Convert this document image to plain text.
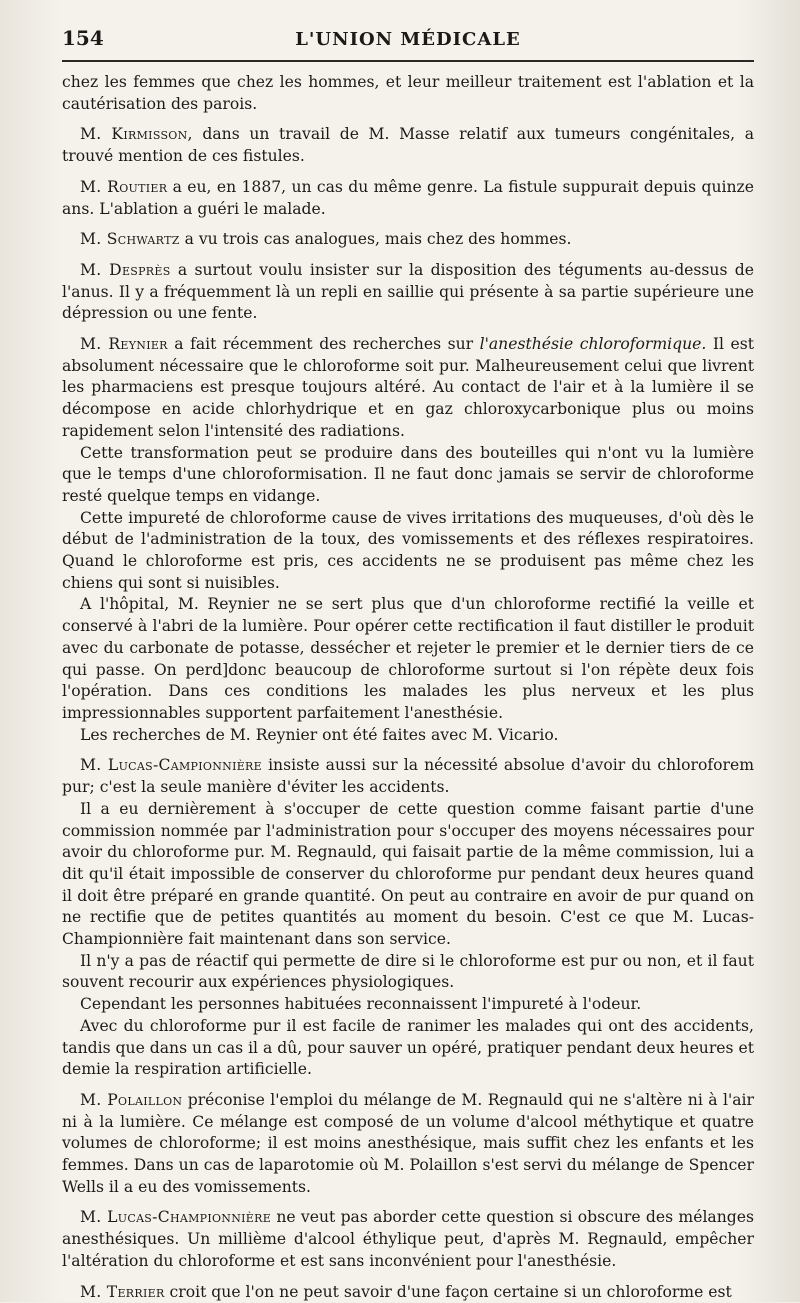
154	L'UNION MÉDICALE

chez les femmes que chez les hommes, et leur meilleur traitement est l'ablation et la cautérisation des parois.

M. Kirmisson, dans un travail de M. Masse relatif aux tumeurs congénitales, a trouvé mention de ces fistules.

M. Routier a eu, en 1887, un cas du même genre. La fistule suppurait depuis quinze ans. L'ablation a guéri le malade.

M. Schwartz a vu trois cas analogues, mais chez des hommes.

M. Desprès a surtout voulu insister sur la disposition des téguments au-dessus de l'anus. Il y a fréquemment là un repli en saillie qui présente à sa partie supérieure une dépression ou une fente.

M. Reynier a fait récemment des recherches sur l'anesthésie chloroformique. Il est absolument nécessaire que le chloroforme soit pur. Malheureusement celui que livrent les pharmaciens est presque toujours altéré. Au contact de l'air et à la lumière il se décompose en acide chlorhydrique et en gaz chloroxycarbonique plus ou moins rapidement selon l'intensité des radiations.

Cette transformation peut se produire dans des bouteilles qui n'ont vu la lumière que le temps d'une chloroformisation. Il ne faut donc jamais se servir de chloroforme resté quelque temps en vidange.

Cette impureté de chloroforme cause de vives irritations des muqueuses, d'où dès le début de l'administration de la toux, des vomissements et des réflexes respiratoires. Quand le chloroforme est pris, ces accidents ne se produisent pas même chez les chiens qui sont si nuisibles.

A l'hôpital, M. Reynier ne se sert plus que d'un chloroforme rectifié la veille et conservé à l'abri de la lumière. Pour opérer cette rectification il faut distiller le produit avec du carbonate de potasse, dessécher et rejeter le premier et le dernier tiers de ce qui passe. On perd]donc beaucoup de chloroforme surtout si l'on répète deux fois l'opération. Dans ces conditions les malades les plus nerveux et les plus impressionnables supportent parfaitement l'anesthésie.

Les recherches de M. Reynier ont été faites avec M. Vicario.

M. Lucas-Campionnière insiste aussi sur la nécessité absolue d'avoir du chloroforem pur; c'est la seule manière d'éviter les accidents.

Il a eu dernièrement à s'occuper de cette question comme faisant partie d'une commission nommée par l'administration pour s'occuper des moyens nécessaires pour avoir du chloroforme pur. M. Regnauld, qui faisait partie de la même commission, lui a dit qu'il était impossible de conserver du chloroforme pur pendant deux heures quand il doit être préparé en grande quantité. On peut au contraire en avoir de pur quand on ne rectifie que de petites quantités au moment du besoin. C'est ce que M. Lucas-Championnière fait maintenant dans son service.

Il n'y a pas de réactif qui permette de dire si le chloroforme est pur ou non, et il faut souvent recourir aux expériences physiologiques.

Cependant les personnes habituées reconnaissent l'impureté à l'odeur.

Avec du chloroforme pur il est facile de ranimer les malades qui ont des accidents, tandis que dans un cas il a dû, pour sauver un opéré, pratiquer pendant deux heures et demie la respiration artificielle.

M. Polaillon préconise l'emploi du mélange de M. Regnauld qui ne s'altère ni à l'air ni à la lumière. Ce mélange est composé de un volume d'alcool méthytique et quatre volumes de chloroforme; il est moins anesthésique, mais suffit chez les enfants et les femmes. Dans un cas de laparotomie où M. Polaillon s'est servi du mélange de Spencer Wells il a eu des vomissements.

M. Lucas-Championnière ne veut pas aborder cette question si obscure des mélanges anesthésiques. Un millième d'alcool éthylique peut, d'après M. Regnauld, empêcher l'altération du chloroforme et est sans inconvénient pour l'anesthésie.

M. Terrier croit que l'on ne peut savoir d'une façon certaine si un chloroforme est
